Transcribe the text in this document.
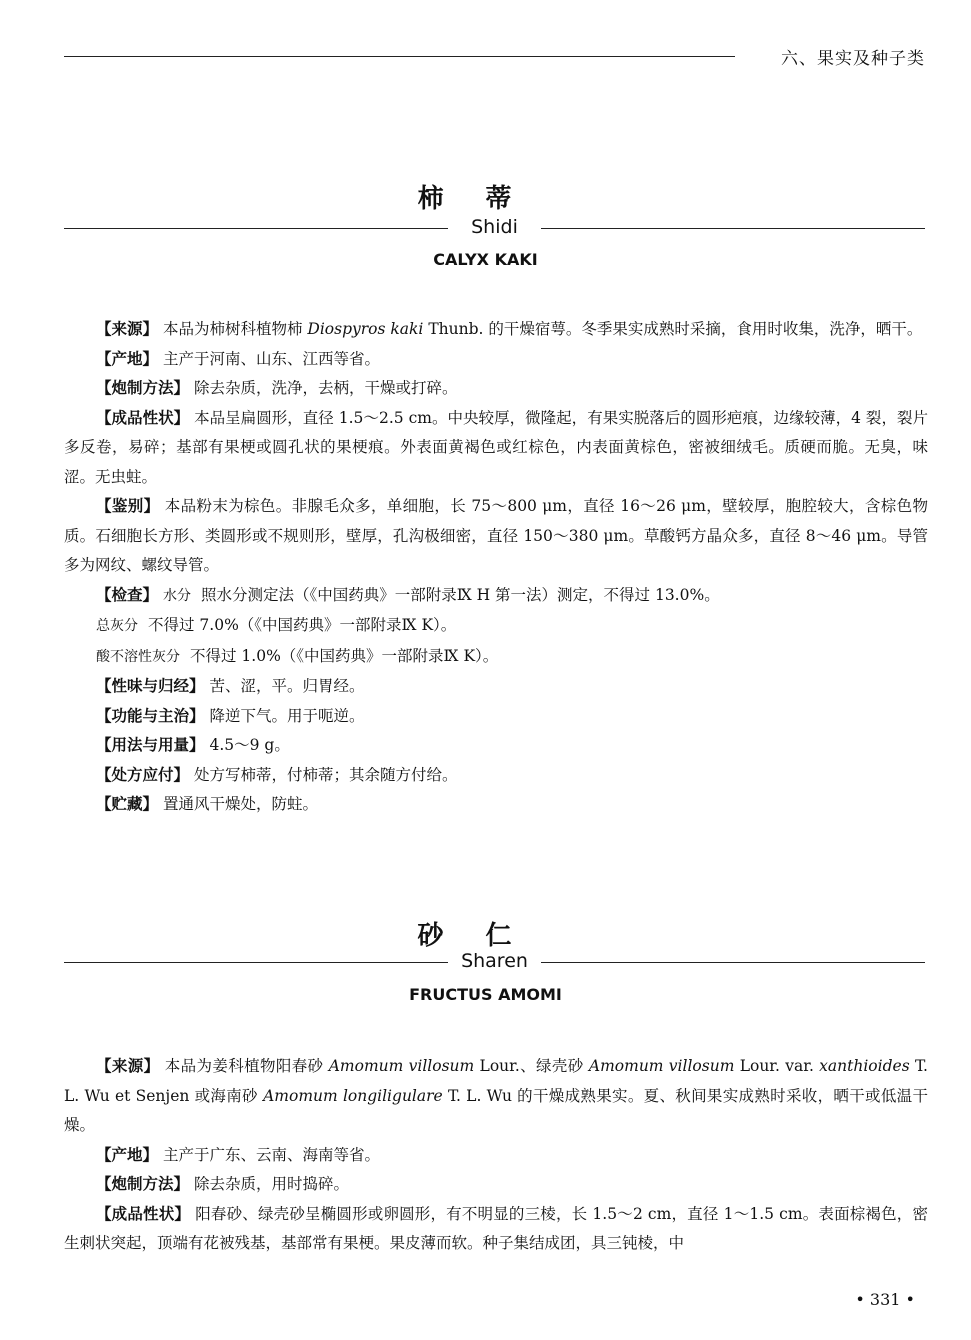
六、果实及种子类
柿蒂
Shidi
CALYX KAKI

【来源】 本品为柿树科植物柿 Diospyros kaki Thunb. 的干燥宿萼。冬季果实成熟时采摘，食用时收集，洗净，晒干。

【产地】 主产于河南、山东、江西等省。

【炮制方法】 除去杂质，洗净，去柄，干燥或打碎。

【成品性状】 本品呈扁圆形，直径 1.5～2.5 cm。中央较厚，微隆起，有果实脱落后的圆形疤痕，边缘较薄，4 裂，裂片多反卷，易碎；基部有果梗或圆孔状的果梗痕。外表面黄褐色或红棕色，内表面黄棕色，密被细绒毛。质硬而脆。无臭，味涩。无虫蛀。

【鉴别】 本品粉末为棕色。非腺毛众多，单细胞，长 75～800 μm，直径 16～26 μm，壁较厚，胞腔较大，含棕色物质。石细胞长方形、类圆形或不规则形，壁厚，孔沟极细密，直径 150～380 μm。草酸钙方晶众多，直径 8～46 μm。导管多为网纹、螺纹导管。

【检查】 水分 照水分测定法（《中国药典》一部附录Ⅸ H 第一法）测定，不得过 13.0%。

总灰分 不得过 7.0%（《中国药典》一部附录Ⅸ K）。

酸不溶性灰分 不得过 1.0%（《中国药典》一部附录Ⅸ K）。

【性味与归经】 苦、涩，平。归胃经。

【功能与主治】 降逆下气。用于呃逆。

【用法与用量】 4.5～9 g。

【处方应付】 处方写柿蒂，付柿蒂；其余随方付给。

【贮藏】 置通风干燥处，防蛀。

砂仁
Sharen
FRUCTUS AMOMI

【来源】 本品为姜科植物阳春砂 Amomum villosum Lour.、绿壳砂 Amomum villosum Lour. var. xanthioides T. L. Wu et Senjen 或海南砂 Amomum longiligulare T. L. Wu 的干燥成熟果实。夏、秋间果实成熟时采收，晒干或低温干燥。

【产地】 主产于广东、云南、海南等省。

【炮制方法】 除去杂质，用时捣碎。

【成品性状】 阳春砂、绿壳砂呈椭圆形或卵圆形，有不明显的三棱，长 1.5～2 cm，直径 1～1.5 cm。表面棕褐色，密生刺状突起，顶端有花被残基，基部常有果梗。果皮薄而软。种子集结成团，具三钝棱，中

• 331 •
